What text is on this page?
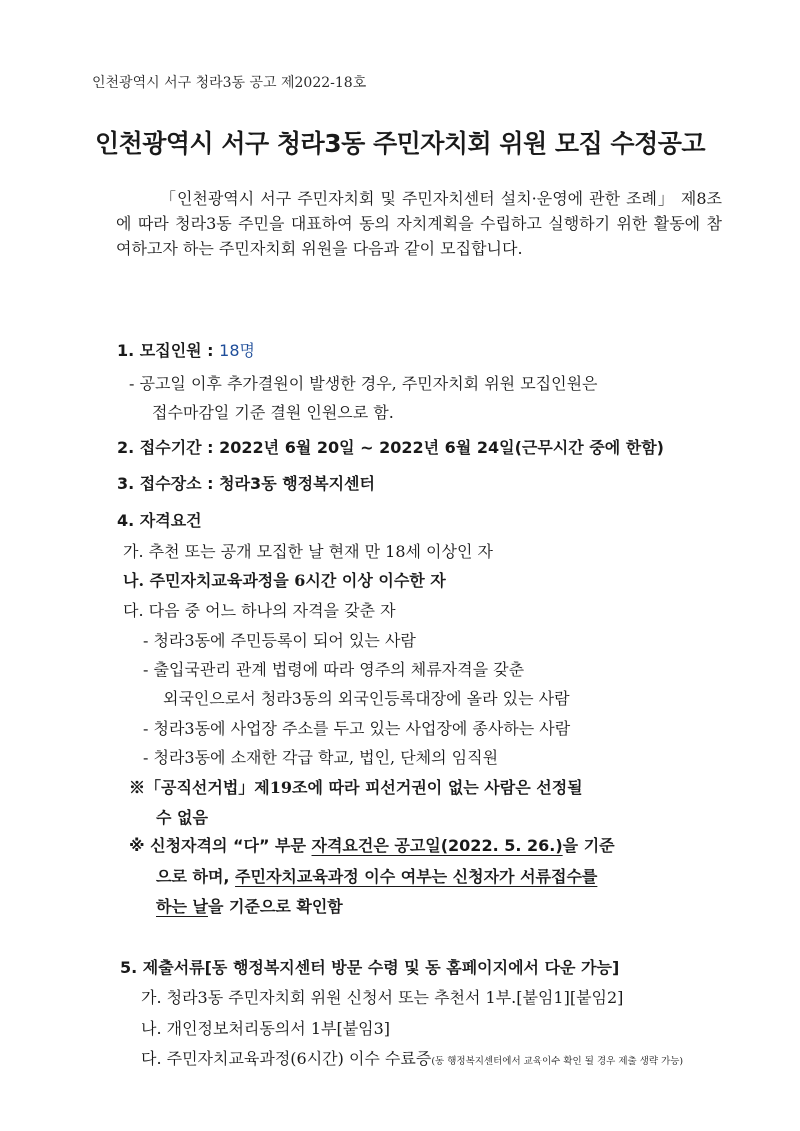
인천광역시 서구 청라3동 공고 제2022-18호
인천광역시 서구 청라3동 주민자치회 위원 모집 수정공고
「인천광역시 서구 주민자치회 및 주민자치센터 설치·운영에 관한 조례」 제8조에 따라 청라3동 주민을 대표하여 동의 자치계획을 수립하고 실행하기 위한 활동에 참여하고자 하는 주민자치회 위원을 다음과 같이 모집합니다.
1. 모집인원 : 18명
- 공고일 이후 추가결원이 발생한 경우, 주민자치회 위원 모집인원은
접수마감일 기준 결원 인원으로 함.
2. 접수기간 : 2022년 6월 20일 ~ 2022년 6월 24일(근무시간 중에 한함)
3. 접수장소 : 청라3동 행정복지센터
4. 자격요건
가. 추천 또는 공개 모집한 날 현재 만 18세 이상인 자
나. 주민자치교육과정을 6시간 이상 이수한 자
다. 다음 중 어느 하나의 자격을 갖춘 자
- 청라3동에 주민등록이 되어 있는 사람
- 출입국관리 관계 법령에 따라 영주의 체류자격을 갖춘
외국인으로서 청라3동의 외국인등록대장에 올라 있는 사람
- 청라3동에 사업장 주소를 두고 있는 사업장에 종사하는 사람
- 청라3동에 소재한 각급 학교, 법인, 단체의 임직원
※「공직선거법」제19조에 따라 피선거권이 없는 사람은 선정될
수 없음
※ 신청자격의 “다” 부문 자격요건은 공고일(2022. 5. 26.)을 기준
으로 하며, 주민자치교육과정 이수 여부는 신청자가 서류접수를
하는 날을 기준으로 확인함
5. 제출서류[동 행정복지센터 방문 수령 및 동 홈페이지에서 다운 가능]
가. 청라3동 주민자치회 위원 신청서 또는 추천서 1부.[붙임1][붙임2]
나. 개인정보처리동의서 1부[붙임3]
다. 주민자치교육과정(6시간) 이수 수료증(동 행정복지센터에서 교육이수 확인 될 경우 제출 생략 가능)
